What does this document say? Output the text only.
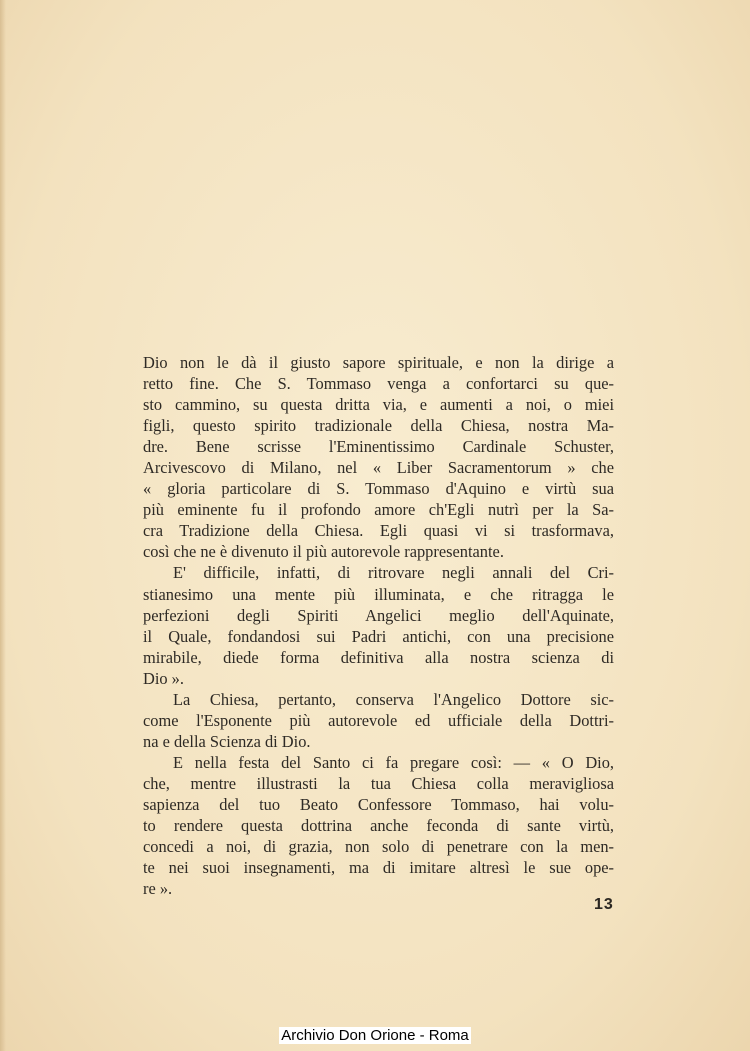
Dio non le dà il giusto sapore spirituale, e non la dirige a
retto fine. Che S. Tommaso venga a confortarci su que-
sto cammino, su questa dritta via, e aumenti a noi, o miei
figli, questo spirito tradizionale della Chiesa, nostra Ma-
dre. Bene scrisse l'Eminentissimo Cardinale Schuster,
Arcivescovo di Milano, nel « Liber Sacramentorum » che
« gloria particolare di S. Tommaso d'Aquino e virtù sua
più eminente fu il profondo amore ch'Egli nutrì per la Sa-
cra Tradizione della Chiesa. Egli quasi vi si trasformava,
così che ne è divenuto il più autorevole rappresentante.
E' difficile, infatti, di ritrovare negli annali del Cri-
stianesimo una mente più illuminata, e che ritragga le
perfezioni degli Spiriti Angelici meglio dell'Aquinate,
il Quale, fondandosi sui Padri antichi, con una precisione
mirabile, diede forma definitiva alla nostra scienza di
Dio ».
La Chiesa, pertanto, conserva l'Angelico Dottore sic-
come l'Esponente più autorevole ed ufficiale della Dottri-
na e della Scienza di Dio.
E nella festa del Santo ci fa pregare così: — « O Dio,
che, mentre illustrasti la tua Chiesa colla meravigliosa
sapienza del tuo Beato Confessore Tommaso, hai volu-
to rendere questa dottrina anche feconda di sante virtù,
concedi a noi, di grazia, non solo di penetrare con la men-
te nei suoi insegnamenti, ma di imitare altresì le sue ope-
re ».
13
Archivio Don Orione - Roma
